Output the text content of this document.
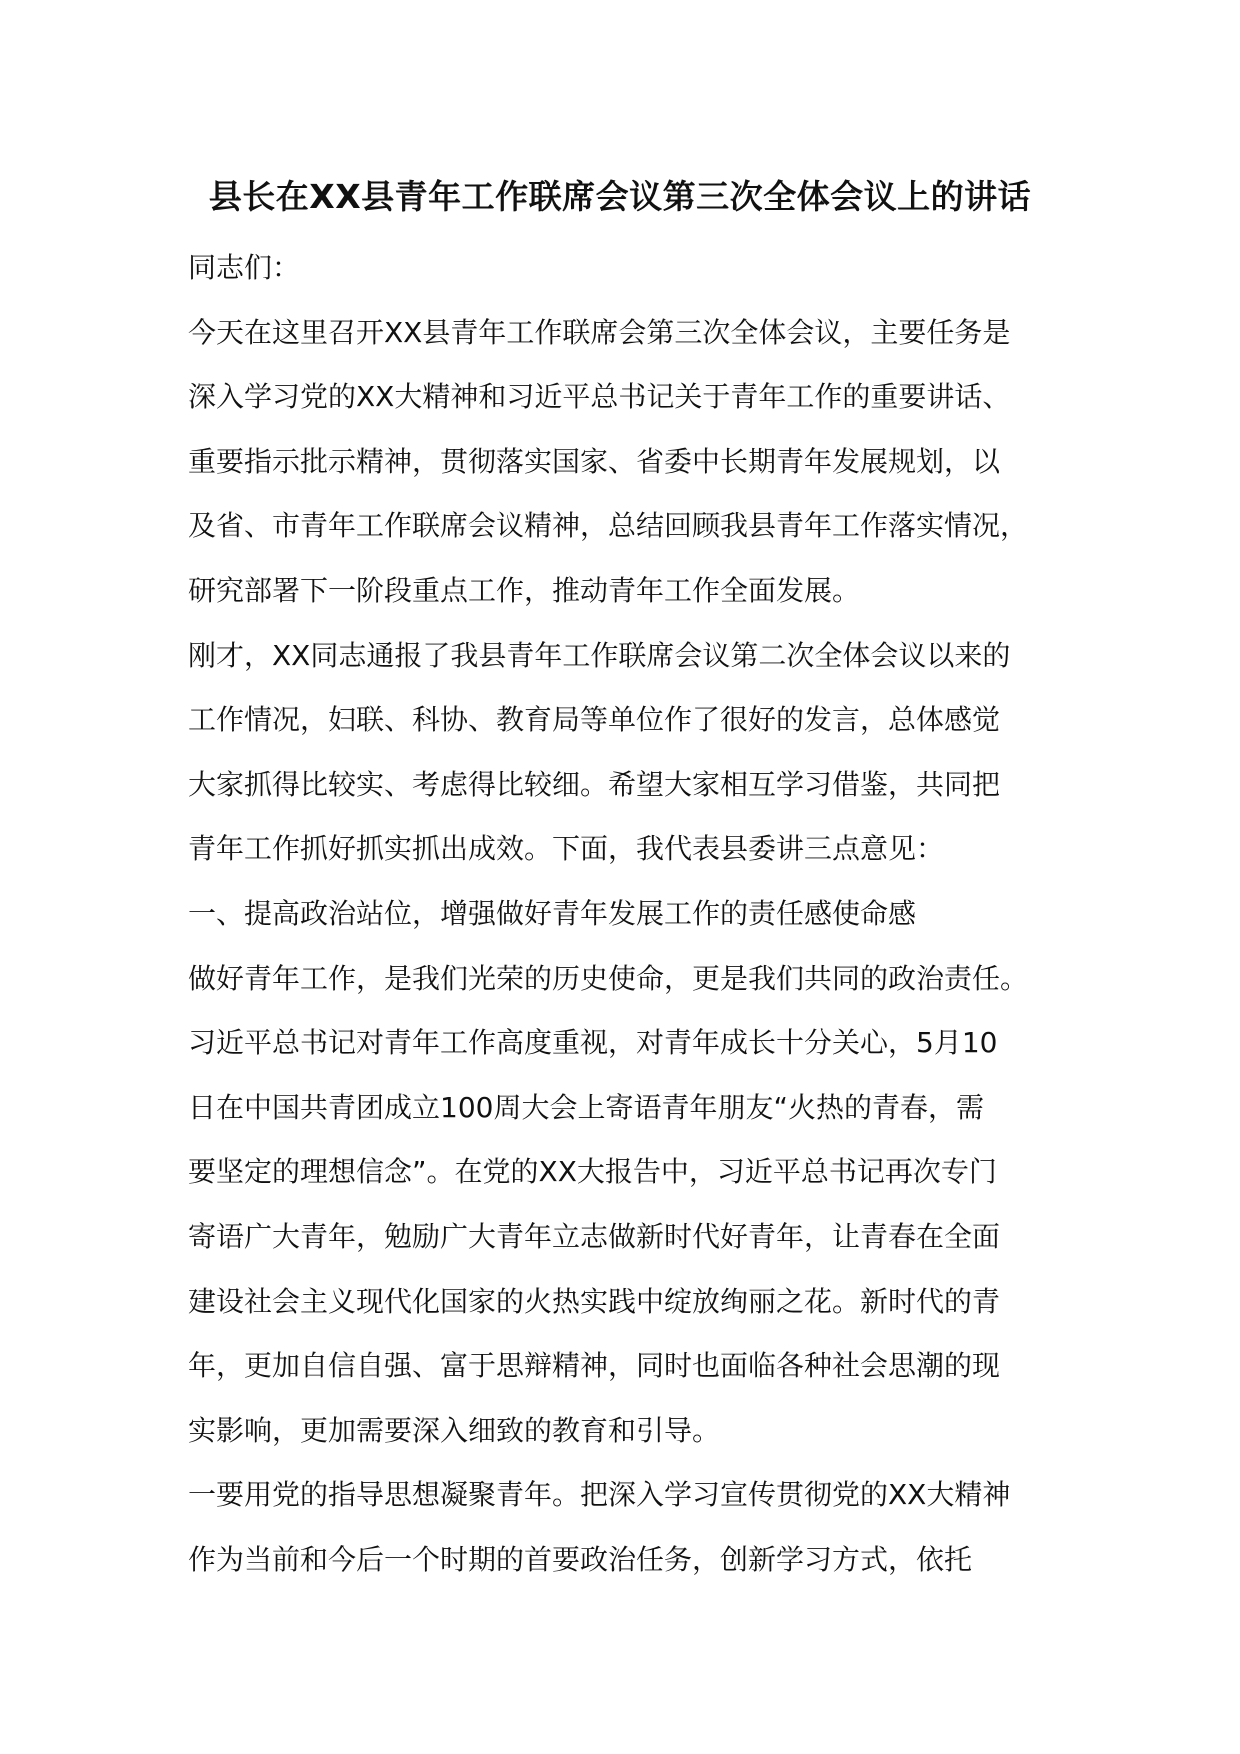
县长在XX县青年工作联席会议第三次全体会议上的讲话

同志们：

今天在这里召开XX县青年工作联席会第三次全体会议，主要任务是
深入学习党的XX大精神和习近平总书记关于青年工作的重要讲话、
重要指示批示精神，贯彻落实国家、省委中长期青年发展规划，以
及省、市青年工作联席会议精神，总结回顾我县青年工作落实情况，
研究部署下一阶段重点工作，推动青年工作全面发展。

刚才，XX同志通报了我县青年工作联席会议第二次全体会议以来的
工作情况，妇联、科协、教育局等单位作了很好的发言，总体感觉
大家抓得比较实、考虑得比较细。希望大家相互学习借鉴，共同把
青年工作抓好抓实抓出成效。下面，我代表县委讲三点意见：

一、提高政治站位，增强做好青年发展工作的责任感使命感

做好青年工作，是我们光荣的历史使命，更是我们共同的政治责任。
习近平总书记对青年工作高度重视，对青年成长十分关心，5月10
日在中国共青团成立100周大会上寄语青年朋友“火热的青春，需
要坚定的理想信念”。在党的XX大报告中，习近平总书记再次专门
寄语广大青年，勉励广大青年立志做新时代好青年，让青春在全面
建设社会主义现代化国家的火热实践中绽放绚丽之花。新时代的青
年，更加自信自强、富于思辩精神，同时也面临各种社会思潮的现
实影响，更加需要深入细致的教育和引导。

一要用党的指导思想凝聚青年。把深入学习宣传贯彻党的XX大精神
作为当前和今后一个时期的首要政治任务，创新学习方式，依托
